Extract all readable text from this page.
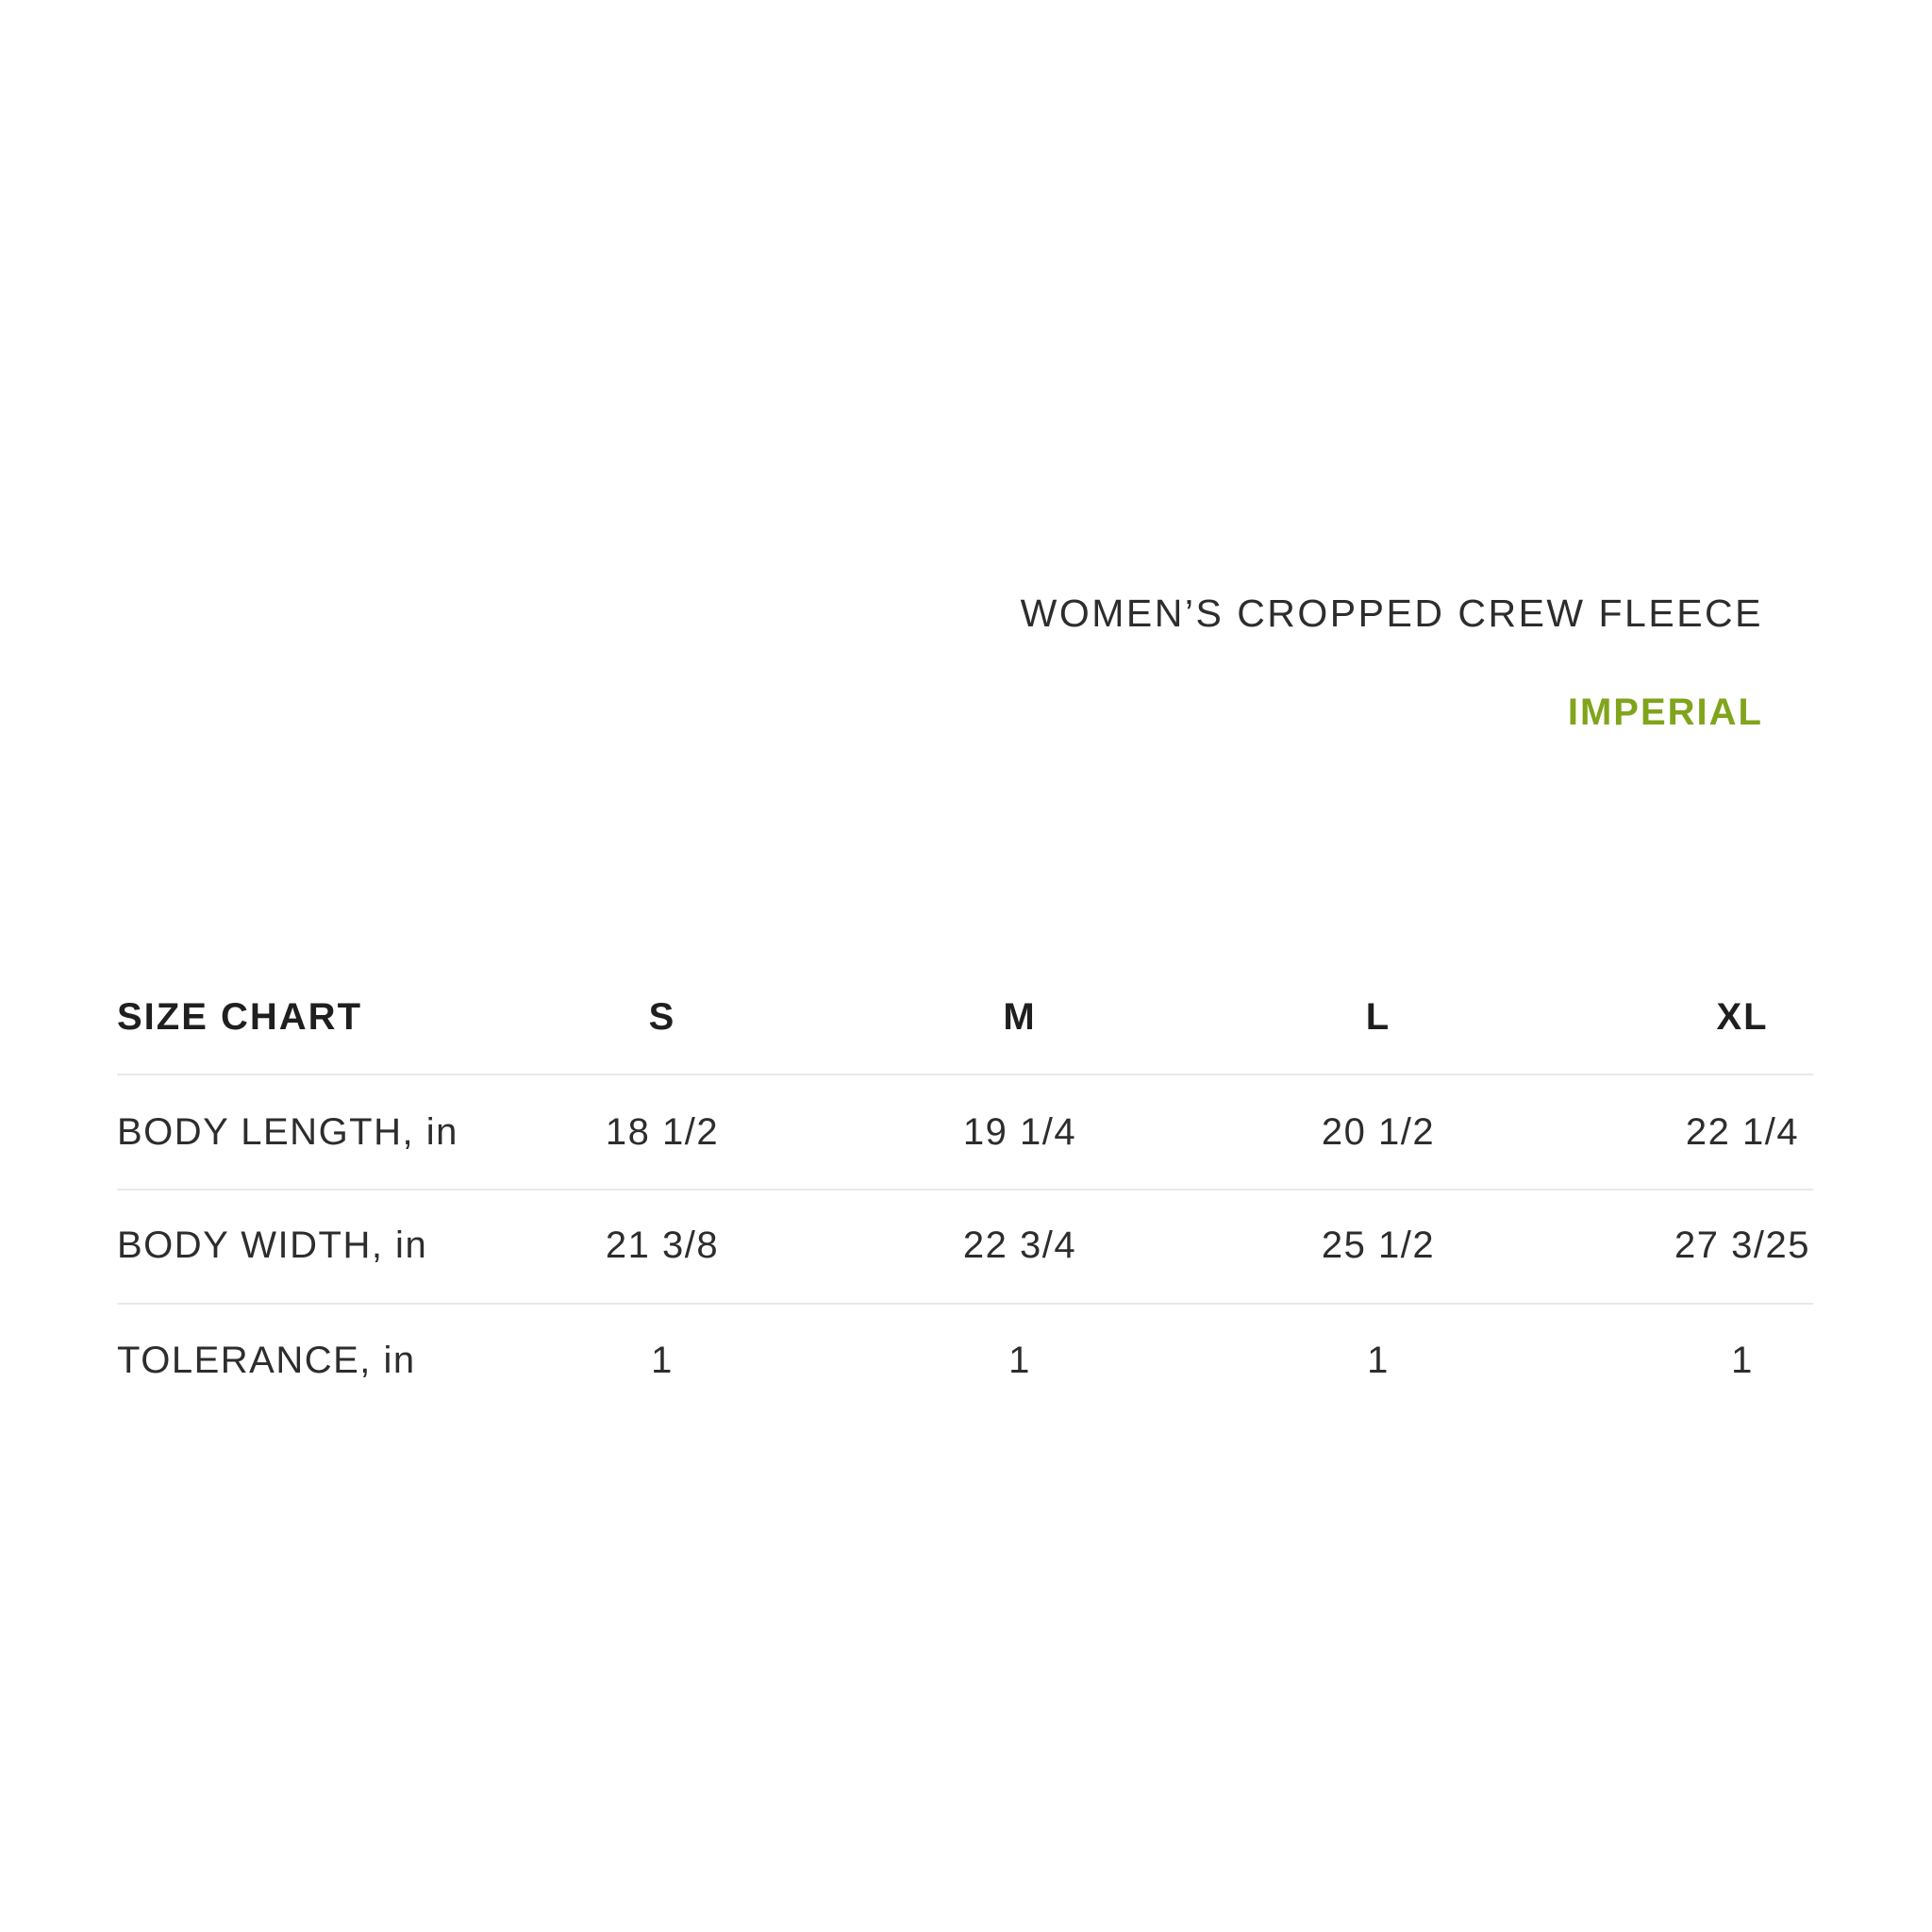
WOMEN’S CROPPED CREW FLEECE

IMPERIAL
SIZE CHART	S	M	L	XL
BODY LENGTH, in	18 1/2	19 1/4	20 1/2	22 1/4
BODY WIDTH, in	21 3/8	22 3/4	25 1/2	27 3/25
TOLERANCE, in	1	1	1	1
